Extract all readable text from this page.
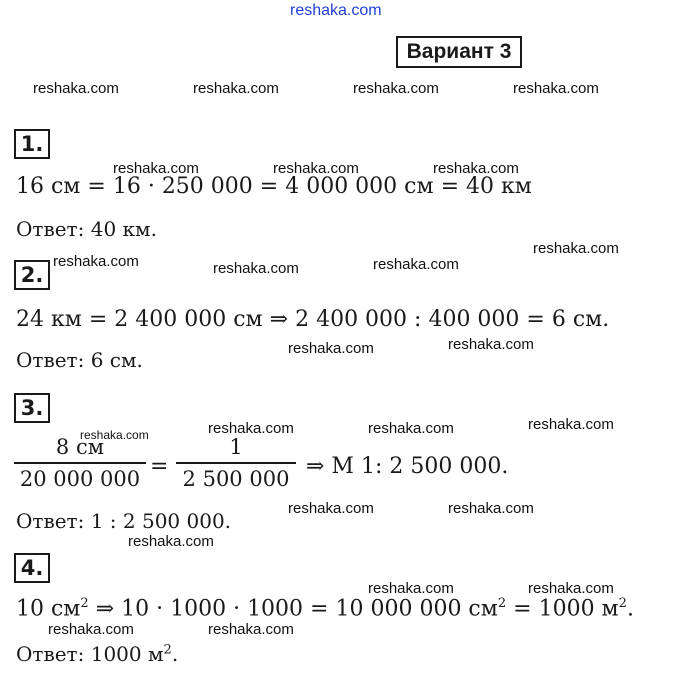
reshaka.com
reshaka.com	reshaka.com	reshaka.com	reshaka.com
reshaka.com	reshaka.com	reshaka.com
reshaka.com
reshaka.com	reshaka.com	reshaka.com
reshaka.com	reshaka.com
reshaka.com	reshaka.com	reshaka.com	reshaka.com
reshaka.com	reshaka.com
reshaka.com
reshaka.com	reshaka.com
reshaka.com	reshaka.com
Вариант 3
1.
16 см = 16 · 250 000 = 4 000 000 см = 40 км
Ответ: 40 км.
2.
24 км = 2 400 000 см ⇒ 2 400 000 : 400 000 = 6 см.
Ответ: 6 см.
3.
8 см
20 000 000 =
1
2 500 000 ⇒ M 1: 2 500 000.
Ответ: 1 : 2 500 000.
4.
10 $см^2$ ⇒ 10 · 1000 · 1000 = 10 000 000 $см^2 = 1000$ $м^2$.
Ответ: 1000 $м^2$.
